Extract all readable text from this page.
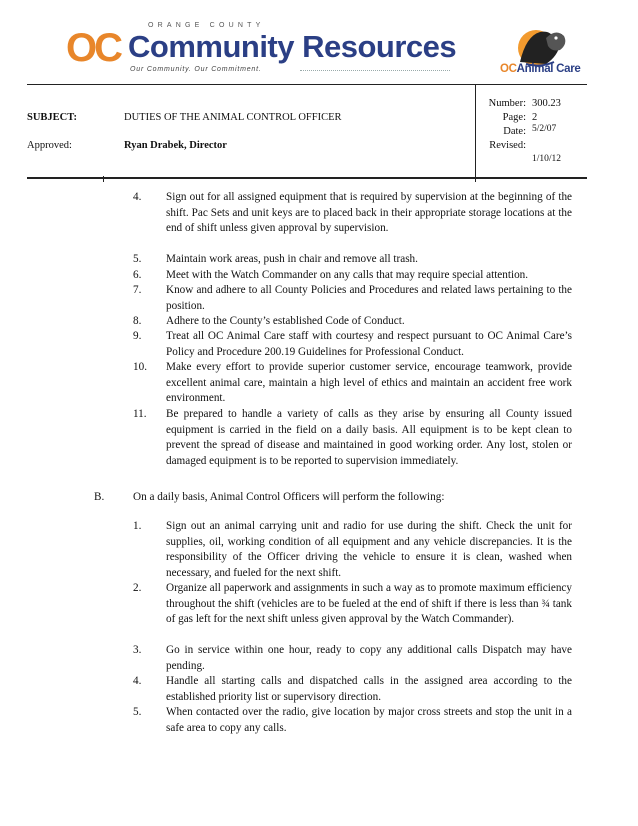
ORANGE COUNTY
OC Community Resources
Our Community. Our Commitment.	OCAnimal Care
SUBJECT:	DUTIES OF THE ANIMAL CONTROL OFFICER
Approved:	Ryan Drabek, Director
Number: 300.23
Page: 2
Date: 5/2/07
Revised:
1/10/12
4.	Sign out for all assigned equipment that is required by supervision at the beginning of the shift. Pac Sets and unit keys are to placed back in their appropriate storage locations at the end of shift unless given approval by supervision.
5.	Maintain work areas, push in chair and remove all trash.
6.	Meet with the Watch Commander on any calls that may require special attention.
7.	Know and adhere to all County Policies and Procedures and related laws pertaining to the position.
8.	Adhere to the County’s established Code of Conduct.
9.	Treat all OC Animal Care staff with courtesy and respect pursuant to OC Animal Care’s Policy and Procedure 200.19 Guidelines for Professional Conduct.
10.	Make every effort to provide superior customer service, encourage teamwork, provide excellent animal care, maintain a high level of ethics and maintain an accident free work environment.
11.	Be prepared to handle a variety of calls as they arise by ensuring all County issued equipment is carried in the field on a daily basis. All equipment is to be kept clean to prevent the spread of disease and maintained in good working order. Any lost, stolen or damaged equipment is to be reported to supervision immediately.
B.	On a daily basis, Animal Control Officers will perform the following:
1.	Sign out an animal carrying unit and radio for use during the shift. Check the unit for supplies, oil, working condition of all equipment and any vehicle discrepancies. It is the responsibility of the Officer driving the vehicle to ensure it is clean, washed when necessary, and fueled for the next shift.
2.	Organize all paperwork and assignments in such a way as to promote maximum efficiency throughout the shift (vehicles are to be fueled at the end of shift if there is less than ¾ tank of gas left for the next shift unless given approval by the Watch Commander).
3.	Go in service within one hour, ready to copy any additional calls Dispatch may have pending.
4.	Handle all starting calls and dispatched calls in the assigned area according to the established priority list or supervisory direction.
5.	When contacted over the radio, give location by major cross streets and stop the unit in a safe area to copy any calls.
